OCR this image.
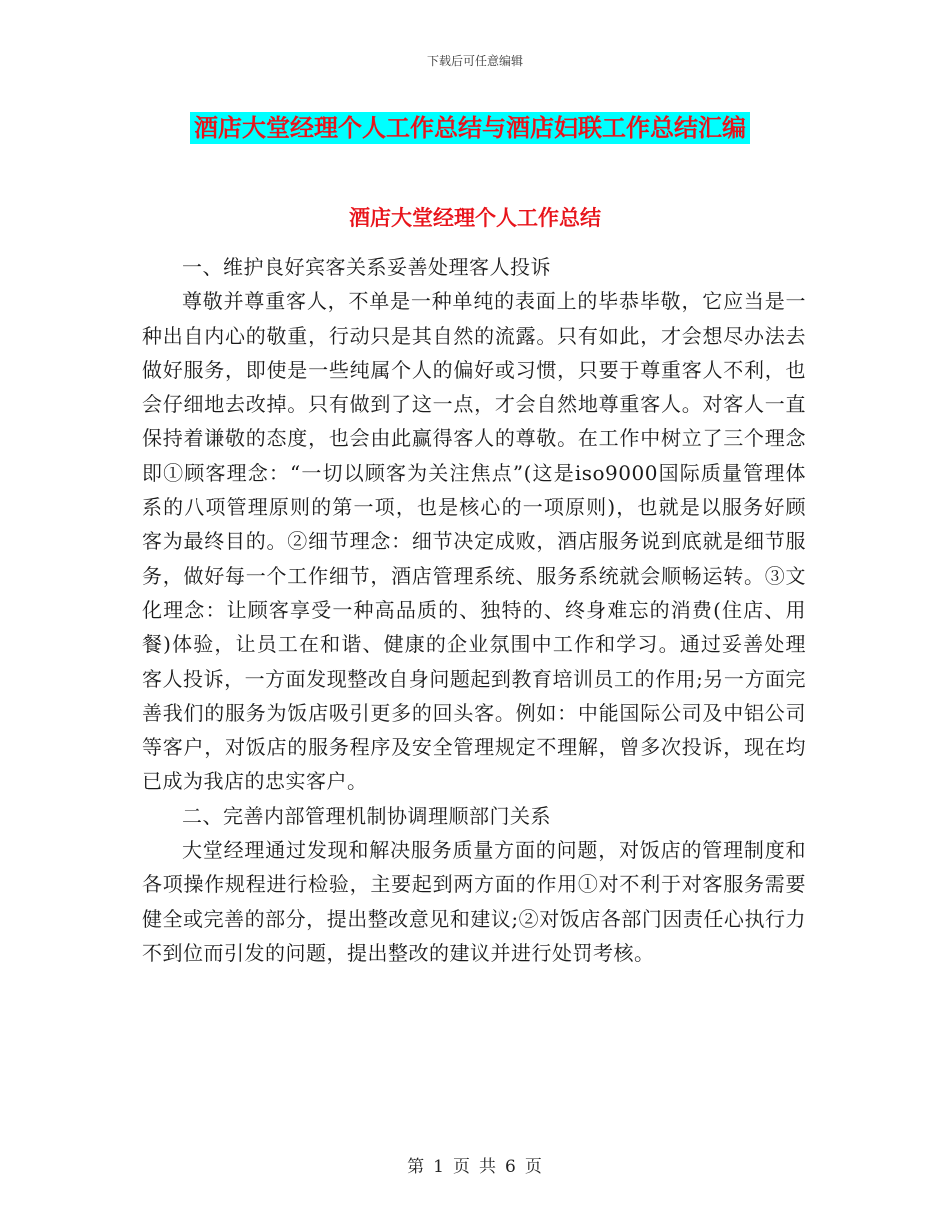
下载后可任意编辑
酒店大堂经理个人工作总结与酒店妇联工作总结汇编
酒店大堂经理个人工作总结

一、维护良好宾客关系妥善处理客人投诉

尊敬并尊重客人，不单是一种单纯的表面上的毕恭毕敬，它应当是一种出自内心的敬重，行动只是其自然的流露。只有如此，才会想尽办法去做好服务，即使是一些纯属个人的偏好或习惯，只要于尊重客人不利，也会仔细地去改掉。只有做到了这一点，才会自然地尊重客人。对客人一直保持着谦敬的态度，也会由此赢得客人的尊敬。在工作中树立了三个理念即①顾客理念：“一切以顾客为关注焦点”(这是iso9000国际质量管理体系的八项管理原则的第一项，也是核心的一项原则)，也就是以服务好顾客为最终目的。②细节理念：细节决定成败，酒店服务说到底就是细节服务，做好每一个工作细节，酒店管理系统、服务系统就会顺畅运转。③文化理念：让顾客享受一种高品质的、独特的、终身难忘的消费(住店、用餐)体验，让员工在和谐、健康的企业氛围中工作和学习。通过妥善处理客人投诉，一方面发现整改自身问题起到教育培训员工的作用;另一方面完善我们的服务为饭店吸引更多的回头客。例如：中能国际公司及中铝公司等客户，对饭店的服务程序及安全管理规定不理解，曾多次投诉，现在均已成为我店的忠实客户。

二、完善内部管理机制协调理顺部门关系

大堂经理通过发现和解决服务质量方面的问题，对饭店的管理制度和各项操作规程进行检验，主要起到两方面的作用①对不利于对客服务需要健全或完善的部分，提出整改意见和建议;②对饭店各部门因责任心执行力不到位而引发的问题，提出整改的建议并进行处罚考核。

第 1 页 共 6 页
